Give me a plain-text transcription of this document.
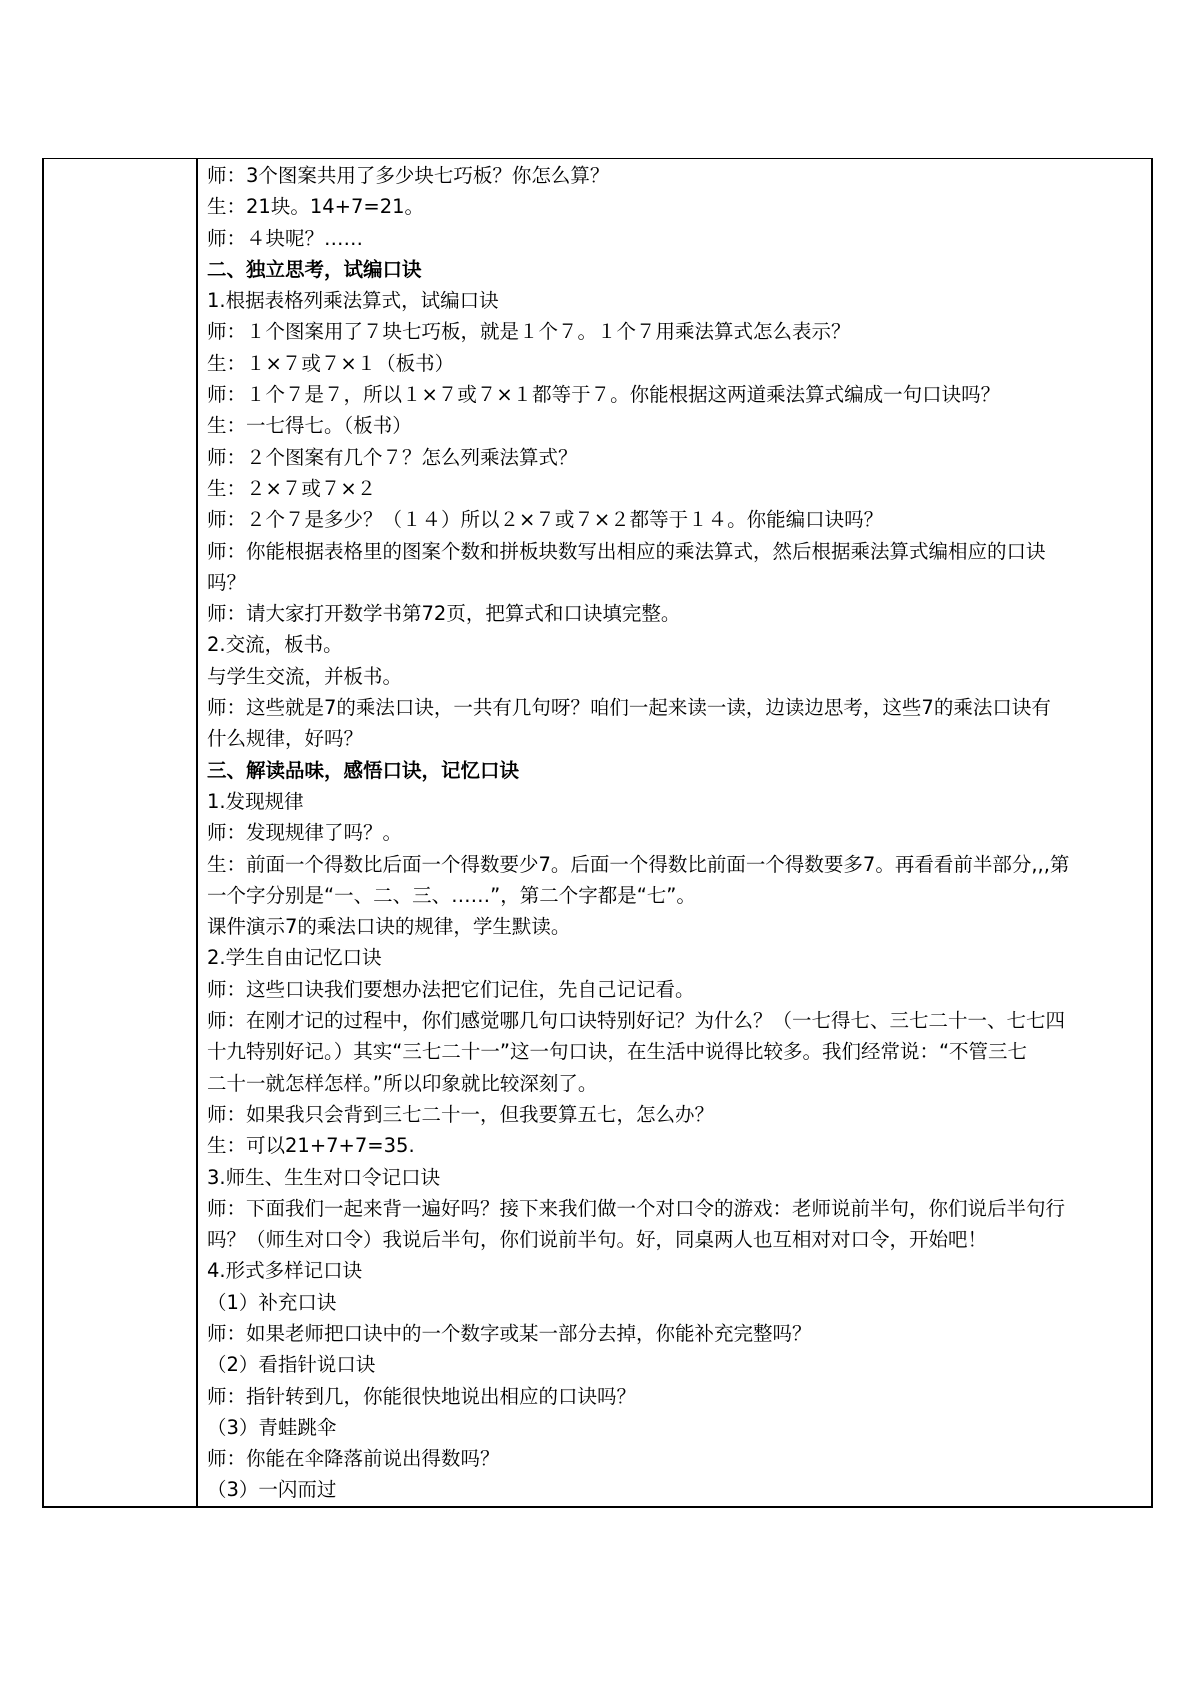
师：3个图案共用了多少块七巧板？你怎么算？
生：21块。14+7=21。
师：４块呢？……
二、独立思考，试编口诀
1.根据表格列乘法算式，试编口诀
师：１个图案用了７块七巧板，就是１个７。１个７用乘法算式怎么表示？
生：１×７或７×１（板书）
师：１个７是７，所以１×７或７×１都等于７。你能根据这两道乘法算式编成一句口诀吗？
生：一七得七。（板书）
师：２个图案有几个７？怎么列乘法算式？
生：２×７或７×２
师：２个７是多少？（１４）所以２×７或７×２都等于１４。你能编口诀吗？
师：你能根据表格里的图案个数和拼板块数写出相应的乘法算式，然后根据乘法算式编相应的口诀
吗？
师：请大家打开数学书第72页，把算式和口诀填完整。
2.交流，板书。
与学生交流，并板书。
师：这些就是7的乘法口诀，一共有几句呀？咱们一起来读一读，边读边思考，这些7的乘法口诀有
什么规律，好吗？
三、解读品味，感悟口诀，记忆口诀
1.发现规律
师：发现规律了吗？。
生：前面一个得数比后面一个得数要少7。后面一个得数比前面一个得数要多7。再看看前半部分,,,第
一个字分别是“一、二、三、……”，第二个字都是“七”。
课件演示7的乘法口诀的规律，学生默读。
2.学生自由记忆口诀
师：这些口诀我们要想办法把它们记住，先自己记记看。
师：在刚才记的过程中，你们感觉哪几句口诀特别好记？为什么？（一七得七、三七二十一、七七四
十九特别好记。）其实“三七二十一”这一句口诀，在生活中说得比较多。我们经常说：“不管三七
二十一就怎样怎样。”所以印象就比较深刻了。
师：如果我只会背到三七二十一，但我要算五七，怎么办？
生：可以21+7+7=35.
3.师生、生生对口令记口诀
师：下面我们一起来背一遍好吗？接下来我们做一个对口令的游戏：老师说前半句，你们说后半句行
吗？（师生对口令）我说后半句，你们说前半句。好，同桌两人也互相对对口令，开始吧！
4.形式多样记口诀
（1）补充口诀
师：如果老师把口诀中的一个数字或某一部分去掉，你能补充完整吗？
（2）看指针说口诀
师：指针转到几，你能很快地说出相应的口诀吗？
（3）青蛙跳伞
师：你能在伞降落前说出得数吗？
（3）一闪而过
